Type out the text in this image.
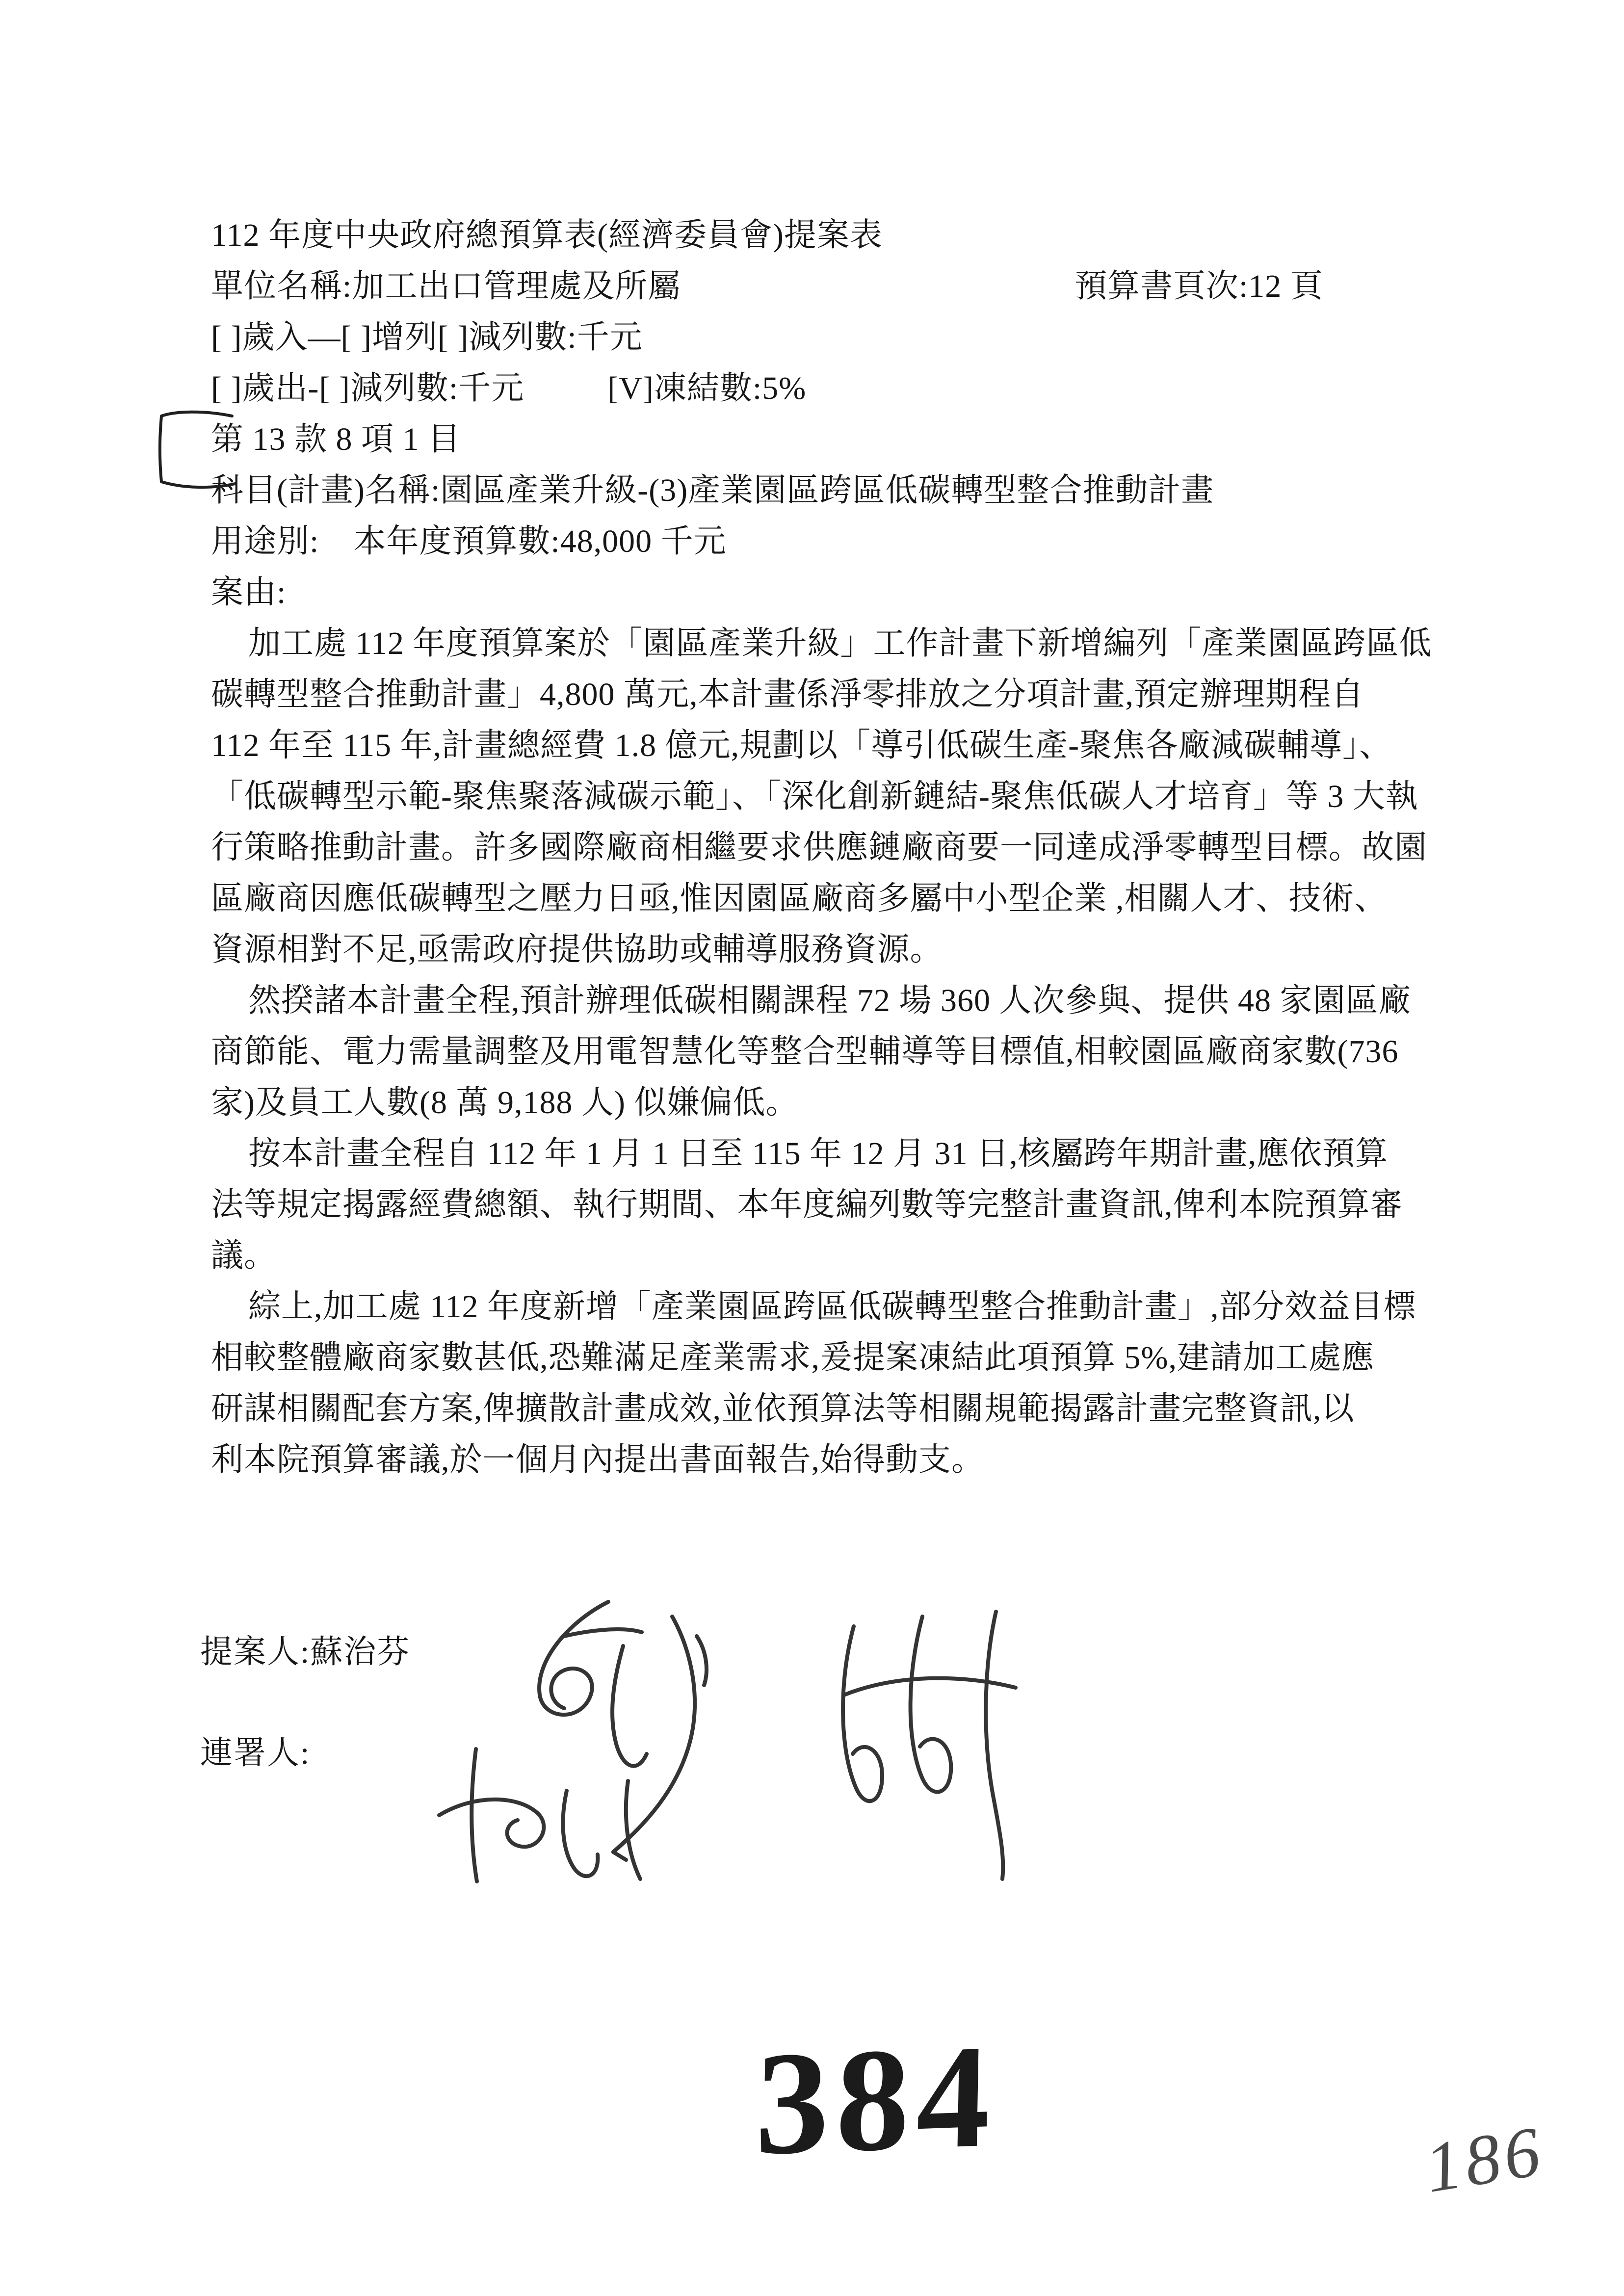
112 年度中央政府總預算表(經濟委員會)提案表
單位名稱:加工出口管理處及所屬
[ ]歲入—[ ]增列[ ]減列數:千元
[ ]歲出-[ ]減列數:千元	[V]凍結數:5%
第 13 款 8 項 1 目
科目(計畫)名稱:園區產業升級-(3)產業園區跨區低碳轉型整合推動計畫
用途別: 本年度預算數:48,000 千元
案由:
加工處 112 年度預算案於「園區產業升級」工作計畫下新增編列「產業園區跨區低
碳轉型整合推動計畫」4,800 萬元,本計畫係淨零排放之分項計畫,預定辦理期程自
112 年至 115 年,計畫總經費 1.8 億元,規劃以「導引低碳生產-聚焦各廠減碳輔導」、
「低碳轉型示範-聚焦聚落減碳示範」、「深化創新鏈結-聚焦低碳人才培育」等 3 大執
行策略推動計畫。許多國際廠商相繼要求供應鏈廠商要一同達成淨零轉型目標。故園
區廠商因應低碳轉型之壓力日亟,惟因園區廠商多屬中小型企業 ,相關人才、技術、
資源相對不足,亟需政府提供協助或輔導服務資源。
然揆諸本計畫全程,預計辦理低碳相關課程 72 場 360 人次參與、提供 48 家園區廠
商節能、電力需量調整及用電智慧化等整合型輔導等目標值,相較園區廠商家數(736
家)及員工人數(8 萬 9,188 人) 似嫌偏低。
按本計畫全程自 112 年 1 月 1 日至 115 年 12 月 31 日,核屬跨年期計畫,應依預算
法等規定揭露經費總額、執行期間、本年度編列數等完整計畫資訊,俾利本院預算審
議。
綜上,加工處 112 年度新增「產業園區跨區低碳轉型整合推動計畫」,部分效益目標
相較整體廠商家數甚低,恐難滿足產業需求,爰提案凍結此項預算 5%,建請加工處應
研謀相關配套方案,俾擴散計畫成效,並依預算法等相關規範揭露計畫完整資訊,以
利本院預算審議,於一個月內提出書面報告,始得動支。
預算書頁次:12 頁
提案人:蘇治芬
連署人:
384	186
